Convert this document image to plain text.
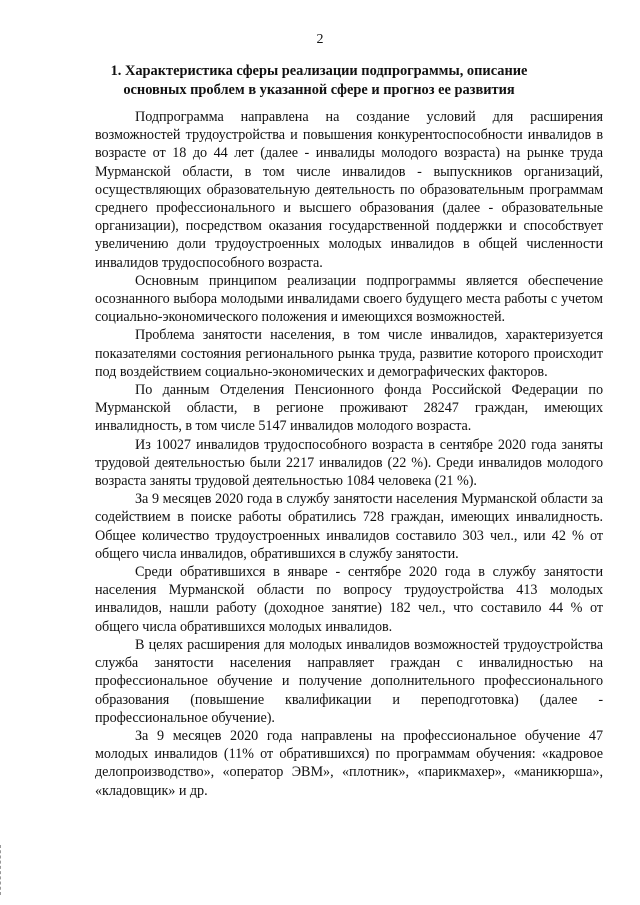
2
1. Характеристика сферы реализации подпрограммы, описание основных проблем в указанной сфере и прогноз ее развития

Подпрограмма направлена на создание условий для расширения возможностей трудоустройства и повышения конкурентоспособности инвалидов в возрасте от 18 до 44 лет (далее - инвалиды молодого возраста) на рынке труда Мурманской области, в том числе инвалидов - выпускников организаций, осуществляющих образовательную деятельность по образовательным программам среднего профессионального и высшего образования (далее - образовательные организации), посредством оказания государственной поддержки и способствует увеличению доли трудоустроенных молодых инвалидов в общей численности инвалидов трудоспособного возраста.

Основным принципом реализации подпрограммы является обеспечение осознанного выбора молодыми инвалидами своего будущего места работы с учетом социально-экономического положения и имеющихся возможностей.

Проблема занятости населения, в том числе инвалидов, характеризуется показателями состояния регионального рынка труда, развитие которого происходит под воздействием социально-экономических и демографических факторов.

По данным Отделения Пенсионного фонда Российской Федерации по Мурманской области, в регионе проживают 28247 граждан, имеющих инвалидность, в том числе 5147 инвалидов молодого возраста.

Из 10027 инвалидов трудоспособного возраста в сентябре 2020 года заняты трудовой деятельностью были 2217 инвалидов (22 %). Среди инвалидов молодого возраста заняты трудовой деятельностью 1084 человека (21 %).

За 9 месяцев 2020 года в службу занятости населения Мурманской области за содействием в поиске работы обратились 728 граждан, имеющих инвалидность. Общее количество трудоустроенных инвалидов составило 303 чел., или 42 % от общего числа инвалидов, обратившихся в службу занятости.

Среди обратившихся в январе - сентябре 2020 года в службу занятости населения Мурманской области по вопросу трудоустройства 413 молодых инвалидов, нашли работу (доходное занятие) 182 чел., что составило 44 % от общего числа обратившихся молодых инвалидов.

В целях расширения для молодых инвалидов возможностей трудоустройства служба занятости населения направляет граждан с инвалидностью на профессиональное обучение и получение дополнительного профессионального образования (повышение квалификации и переподготовка) (далее - профессиональное обучение).

За 9 месяцев 2020 года направлены на профессиональное обучение 47 молодых инвалидов (11% от обратившихся) по программам обучения: «кадровое делопроизводство», «оператор ЭВМ», «плотник», «парикмахер», «маникюрша», «кладовщик» и др.
